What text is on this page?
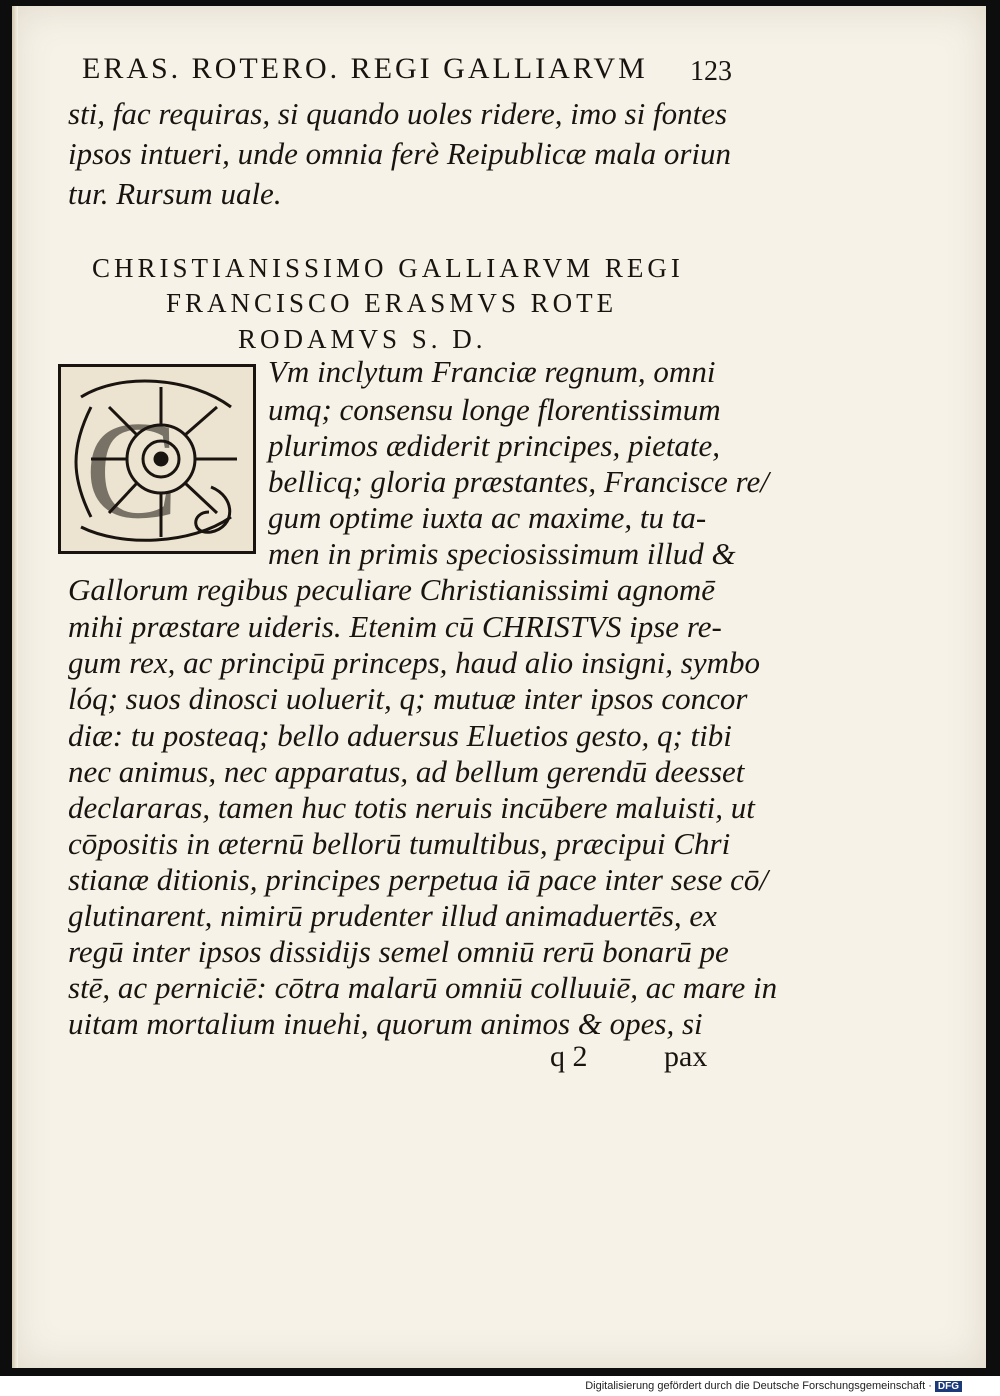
ERAS. ROTERO. REGI GALLIARVM	123
sti, fac requiras, si quando uoles ridere, imo si fontes
ipsos intueri, unde omnia ferè Reipublicæ mala oriun
tur. Rursum uale.
CHRISTIANISSIMO GALLIARVM REGI
FRANCISCO ERASMVS ROTE
RODAMVS S. D.
C
Vm inclytum Franciæ regnum, omni
umq; consensu longe florentissimum
plurimos ædiderit principes, pietate,
bellicq; gloria præstantes, Francisce re/
gum optime iuxta ac maxime, tu ta-
men in primis speciosissimum illud &
Gallorum regibus peculiare Christianissimi agnomē
mihi præstare uideris. Etenim cū CHRISTVS ipse re-
gum rex, ac principū princeps, haud alio insigni, symbo
lóq; suos dinosci uoluerit, q; mutuæ inter ipsos concor
diæ: tu posteaq; bello aduersus Eluetios gesto, q; tibi
nec animus, nec apparatus, ad bellum gerendū deesset
declararas, tamen huc totis neruis incūbere maluisti, ut
cōpositis in æternū bellorū tumultibus, præcipui Chri
stianæ ditionis, principes perpetua iā pace inter sese cō/
glutinarent, nimirū prudenter illud animaduertēs, ex
regū inter ipsos dissidijs semel omniū rerū bonarū pe
stē, ac perniciē: cōtra malarū omniū colluuiē, ac mare in
uitam mortalium inuehi, quorum animos & opes, si
q 2	pax
Digitalisierung gefördert durch die Deutsche Forschungsgemeinschaft · DFG
